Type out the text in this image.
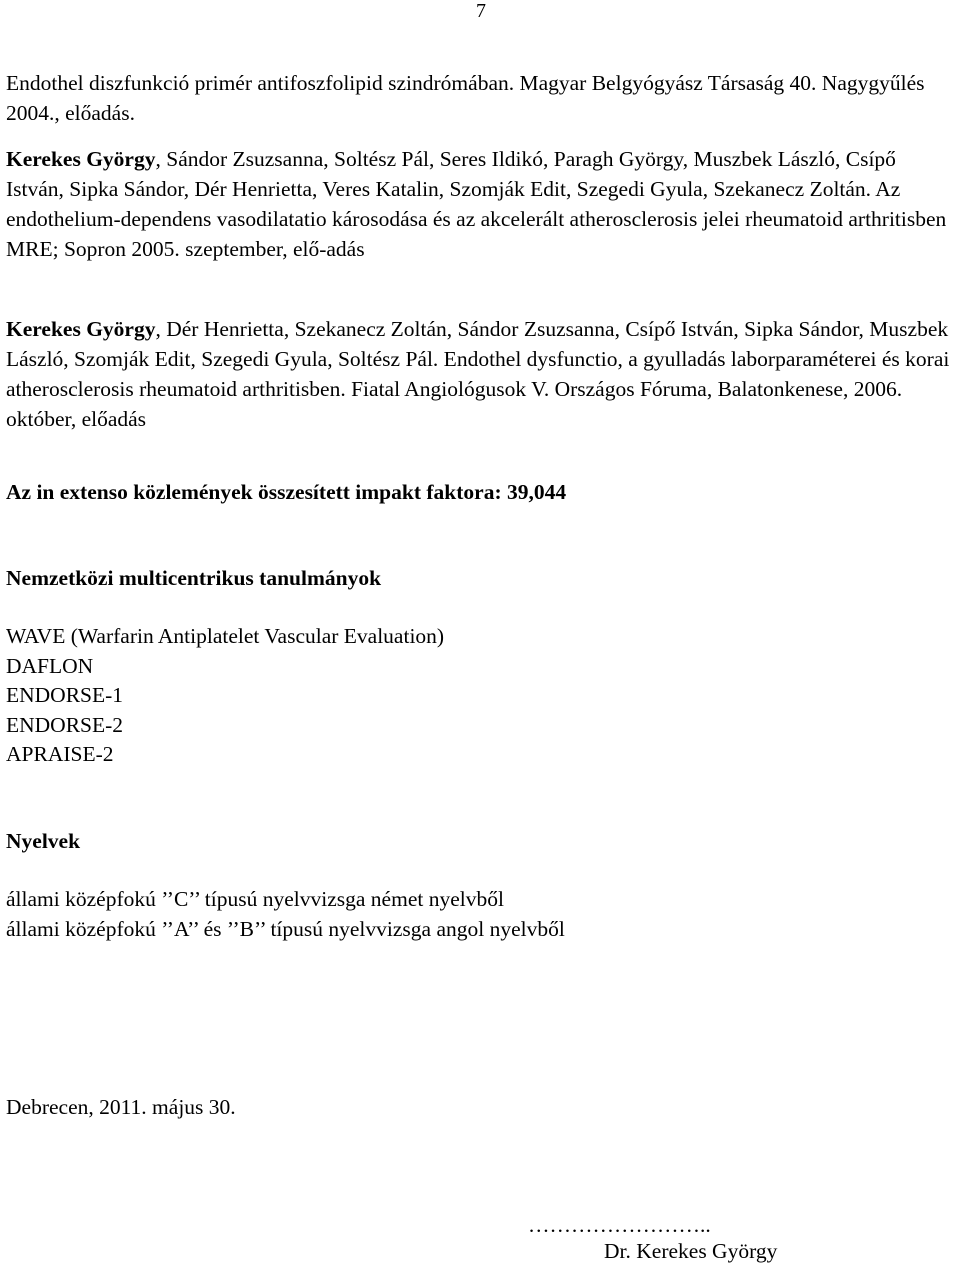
7

Endothel diszfunkció primér antifoszfolipid szindrómában. Magyar Belgyógyász Társaság 40. Nagygyűlés 2004., előadás.

Kerekes György, Sándor Zsuzsanna, Soltész Pál, Seres Ildikó, Paragh György, Muszbek László, Csípő István, Sipka Sándor, Dér Henrietta, Veres Katalin, Szomják Edit, Szegedi Gyula, Szekanecz Zoltán. Az endothelium-dependens vasodilatatio károsodása és az akcelerált atherosclerosis jelei rheumatoid arthritisben MRE; Sopron 2005. szeptember, elő-adás

Kerekes György, Dér Henrietta, Szekanecz Zoltán, Sándor Zsuzsanna, Csípő István, Sipka Sándor, Muszbek László, Szomják Edit, Szegedi Gyula, Soltész Pál. Endothel dysfunctio, a gyulladás laborparaméterei és korai atherosclerosis rheumatoid arthritisben. Fiatal Angiológusok V. Országos Fóruma, Balatonkenese, 2006. október, előadás

Az in extenso közlemények összesített impakt faktora: 39,044
Nemzetközi multicentrikus tanulmányok
WAVE (Warfarin Antiplatelet Vascular Evaluation)
DAFLON
ENDORSE-1
ENDORSE-2
APRAISE-2
Nyelvek
állami középfokú ’’C’’ típusú nyelvvizsga német nyelvből
állami középfokú ’’A’’ és ’’B’’ típusú nyelvvizsga angol nyelvből
Debrecen, 2011. május 30.
……………………..
Dr. Kerekes György
